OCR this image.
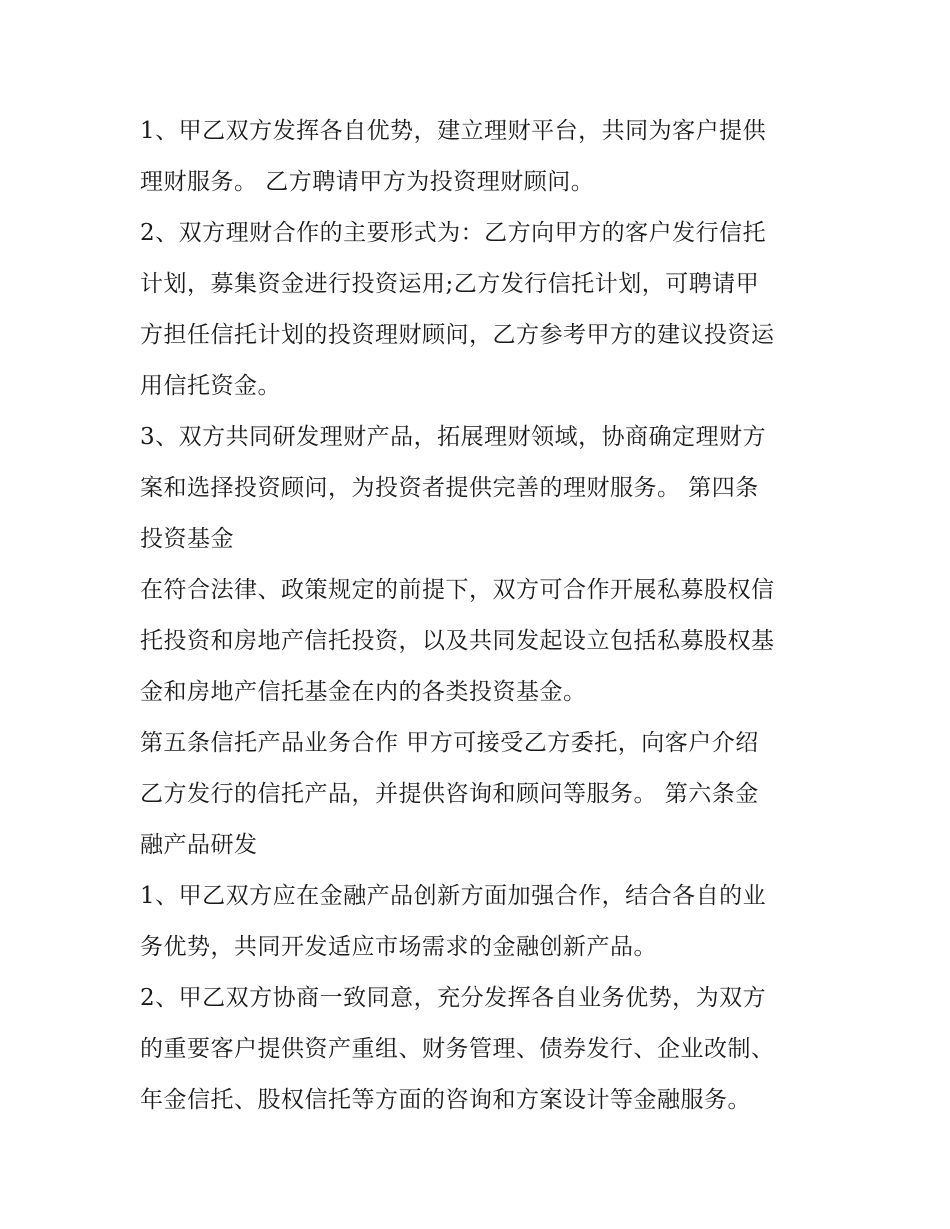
1、甲乙双方发挥各自优势，建立理财平台，共同为客户提供
理财服务。 乙方聘请甲方为投资理财顾问。
2、双方理财合作的主要形式为：乙方向甲方的客户发行信托
计划，募集资金进行投资运用;乙方发行信托计划，可聘请甲
方担任信托计划的投资理财顾问，乙方参考甲方的建议投资运
用信托资金。
3、双方共同研发理财产品，拓展理财领域，协商确定理财方
案和选择投资顾问，为投资者提供完善的理财服务。 第四条
投资基金
在符合法律、政策规定的前提下，双方可合作开展私募股权信
托投资和房地产信托投资，以及共同发起设立包括私募股权基
金和房地产信托基金在内的各类投资基金。
第五条信托产品业务合作 甲方可接受乙方委托，向客户介绍
乙方发行的信托产品，并提供咨询和顾问等服务。 第六条金
融产品研发
1、甲乙双方应在金融产品创新方面加强合作，结合各自的业
务优势，共同开发适应市场需求的金融创新产品。
2、甲乙双方协商一致同意，充分发挥各自业务优势，为双方
的重要客户提供资产重组、财务管理、债券发行、企业改制、
年金信托、股权信托等方面的咨询和方案设计等金融服务。
